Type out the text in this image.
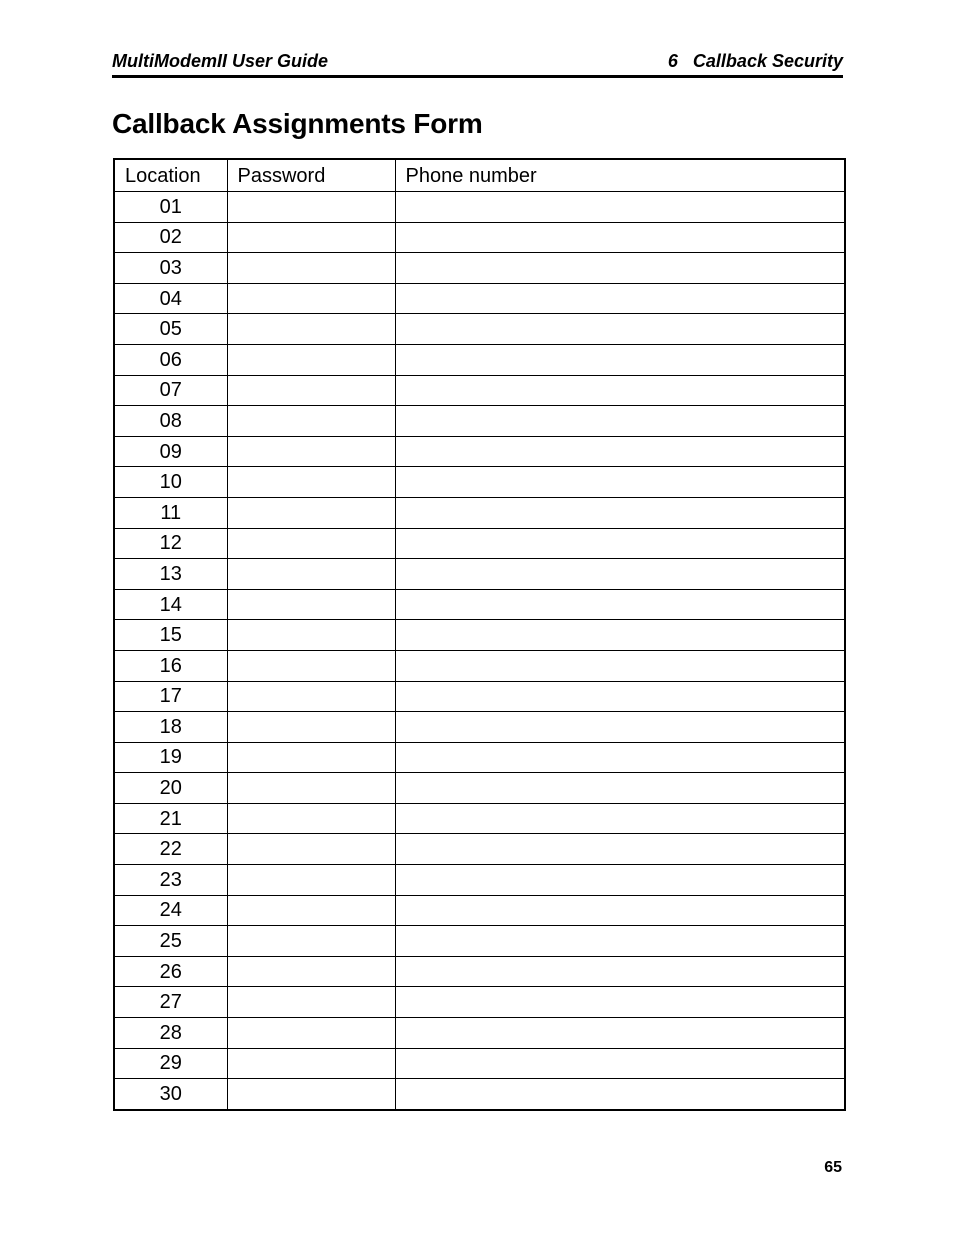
MultiModemII User Guide	6   Callback Security
Callback Assignments Form
Location	Password	Phone number
01		
02		
03		
04		
05		
06		
07		
08		
09		
10		
11		
12		
13		
14		
15		
16		
17		
18		
19		
20		
21		
22		
23		
24		
25		
26		
27		
28		
29		
30		
65
